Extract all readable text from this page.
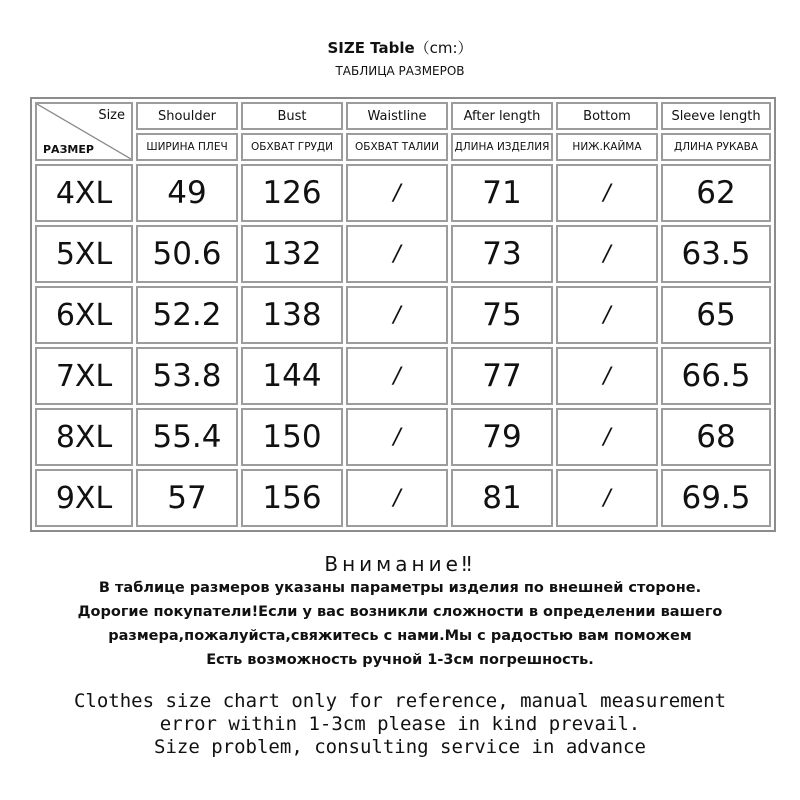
SIZE Table（cm:）
ТАБЛИЦА РАЗМЕРОВ
Size
РАЗМЕР	Shoulder	Bust	Waistline	After length	Bottom	Sleeve length
	ШИРИНА ПЛЕЧ	ОБХВАТ ГРУДИ	ОБХВАТ ТАЛИИ	ДЛИНА ИЗДЕЛИЯ	НИЖ.КАЙМА	ДЛИНА РУКАВА
4XL	49	126	/	71	/	62
5XL	50.6	132	/	73	/	63.5
6XL	52.2	138	/	75	/	65
7XL	53.8	144	/	77	/	66.5
8XL	55.4	150	/	79	/	68
9XL	57	156	/	81	/	69.5
Внимание‼
В таблице размеров указаны параметры изделия по внешней стороне.
Дорогие покупатели!Если у вас возникли сложности в определении вашего
размера,пожалуйста,свяжитесь с нами.Мы с радостью вам поможем
Есть возможность ручной 1-3см погрешность.
Clothes size chart only for reference, manual measurement
error within 1-3cm please in kind prevail.
Size problem, consulting service in advance
